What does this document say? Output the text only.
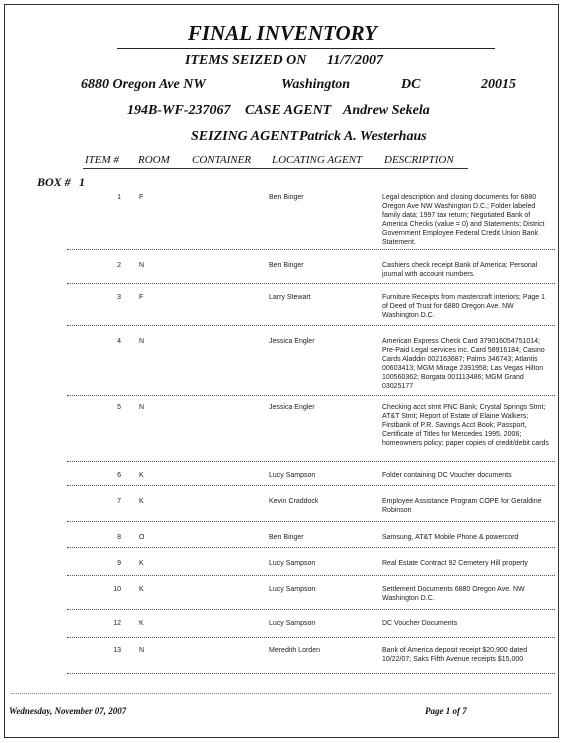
FINAL INVENTORY
ITEMS SEIZED ON 11/7/2007
6880 Oregon Ave NW	Washington	DC	20015
194B-WF-237067 CASE AGENT Andrew Sekela
SEIZING AGENT Patrick A. Westerhaus
ITEM # ROOM CONTAINER LOCATING AGENT DESCRIPTION
BOX # 1
1	F	Ben Binger	Legal description and closing documents for 6880 Oregon Ave NW Washington D.C.; Folder labeled family data; 1997 tax return; Negotiated Bank of America Checks (value = 0) and Statements; District Government Employee Federal Credit Union Bank Statement.
2	N	Ben Binger	Cashiers check receipt Bank of America; Personal journal with account numbers.
3	F	Larry Stewart	Furniture Receipts from mastercraft interiors; Page 1 of Deed of Trust for 6880 Oregon Ave. NW Washington D.C.
4	N	Jessica Engler	American Express Check Card 379016054751014; Pre-Paid Legal services inc. Card 58916184; Casino Cards Aladdin 002163687; Palms 346743; Atlantis 00603413; MGM Mirage 2391958; Las Vegas Hilton 100560362; Borgata 001113486; MGM Grand 03025177
5	N	Jessica Engler	Checking acct stmt PNC Bank; Crystal Springs Stmt; AT&T Stmt; Report of Estate of Elaine Walkers; Firstbank of P.R. Savings Acct Book; Passport, Certificate of Titles for Mercedes 1995, 2006; homeowners policy; paper copies of credit/debit cards
6	K	Lucy Sampson	Folder containing DC Voucher documents
7	K	Kevin Craddock	Employee Assistance Program COPE for Geraldine Robinson
8	O	Ben Binger	Samsung, AT&T Mobile Phone & powercord
9	K	Lucy Sampson	Real Estate Contract 92 Cemetery Hill property
10	K	Lucy Sampson	Settlement Documents 6880 Oregon Ave. NW Washington D.C.
12	K	Lucy Sampson	DC Voucher Documents
13	N	Meredith Lorden	Bank of America deposit receipt $20,900 dated 10/22/07; Saks Fifth Avenue receipts $15,000
Wednesday, November 07, 2007	Page 1 of 7
